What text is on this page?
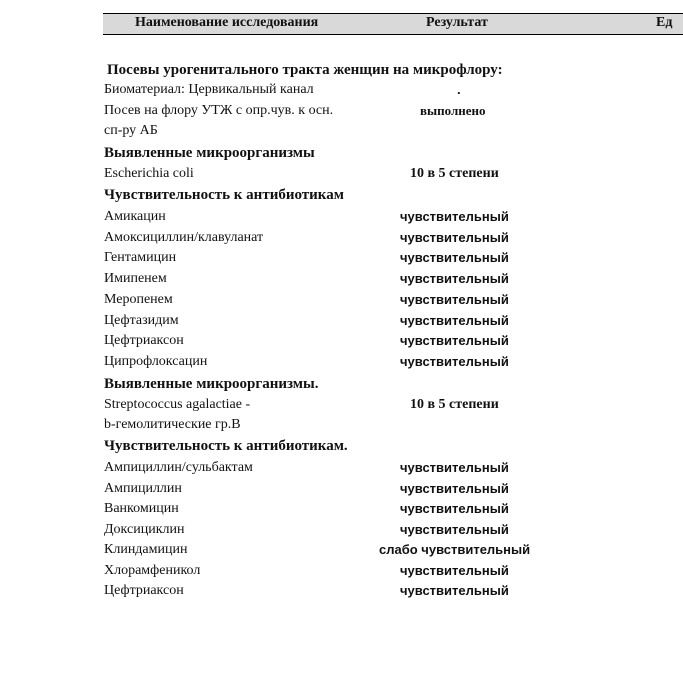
Наименование исследования	Результат	Ед
Посевы урогенитального тракта женщин на микрофлору:
Биоматериал: Цервикальный канал	.
Посев на флору УТЖ с опр.чув. к осн.	выполнено
сп-ру АБ
Выявленные микроорганизмы
Escherichia coli	10 в 5 степени
Чувствительность к антибиотикам
Амикацин	чувствительный
Амоксициллин/клавуланат	чувствительный
Гентамицин	чувствительный
Имипенем	чувствительный
Меропенем	чувствительный
Цефтазидим	чувствительный
Цефтриаксон	чувствительный
Ципрофлоксацин	чувствительный
Выявленные микроорганизмы.
Streptococcus agalactiae -	10 в 5 степени
b-гемолитические гр.В
Чувствительность к антибиотикам.
Ампициллин/сульбактам	чувствительный
Ампициллин	чувствительный
Ванкомицин	чувствительный
Доксициклин	чувствительный
Клиндамицин	слабо чувствительный
Хлорамфеникол	чувствительный
Цефтриаксон	чувствительный
